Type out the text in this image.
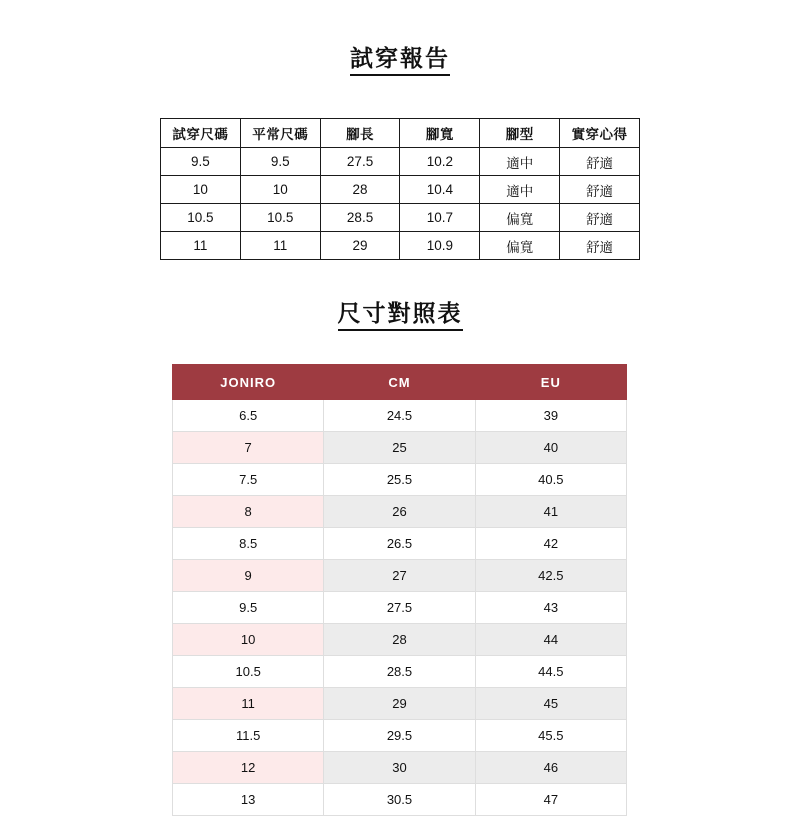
試穿報告
試穿尺碼	平常尺碼	腳長	腳寬	腳型	實穿心得
9.5	9.5	27.5	10.2	適中	舒適
10	10	28	10.4	適中	舒適
10.5	10.5	28.5	10.7	偏寬	舒適
11	11	29	10.9	偏寬	舒適
尺寸對照表
JONIRO	CM	EU
6.5	24.5	39
7	25	40
7.5	25.5	40.5
8	26	41
8.5	26.5	42
9	27	42.5
9.5	27.5	43
10	28	44
10.5	28.5	44.5
11	29	45
11.5	29.5	45.5
12	30	46
13	30.5	47
